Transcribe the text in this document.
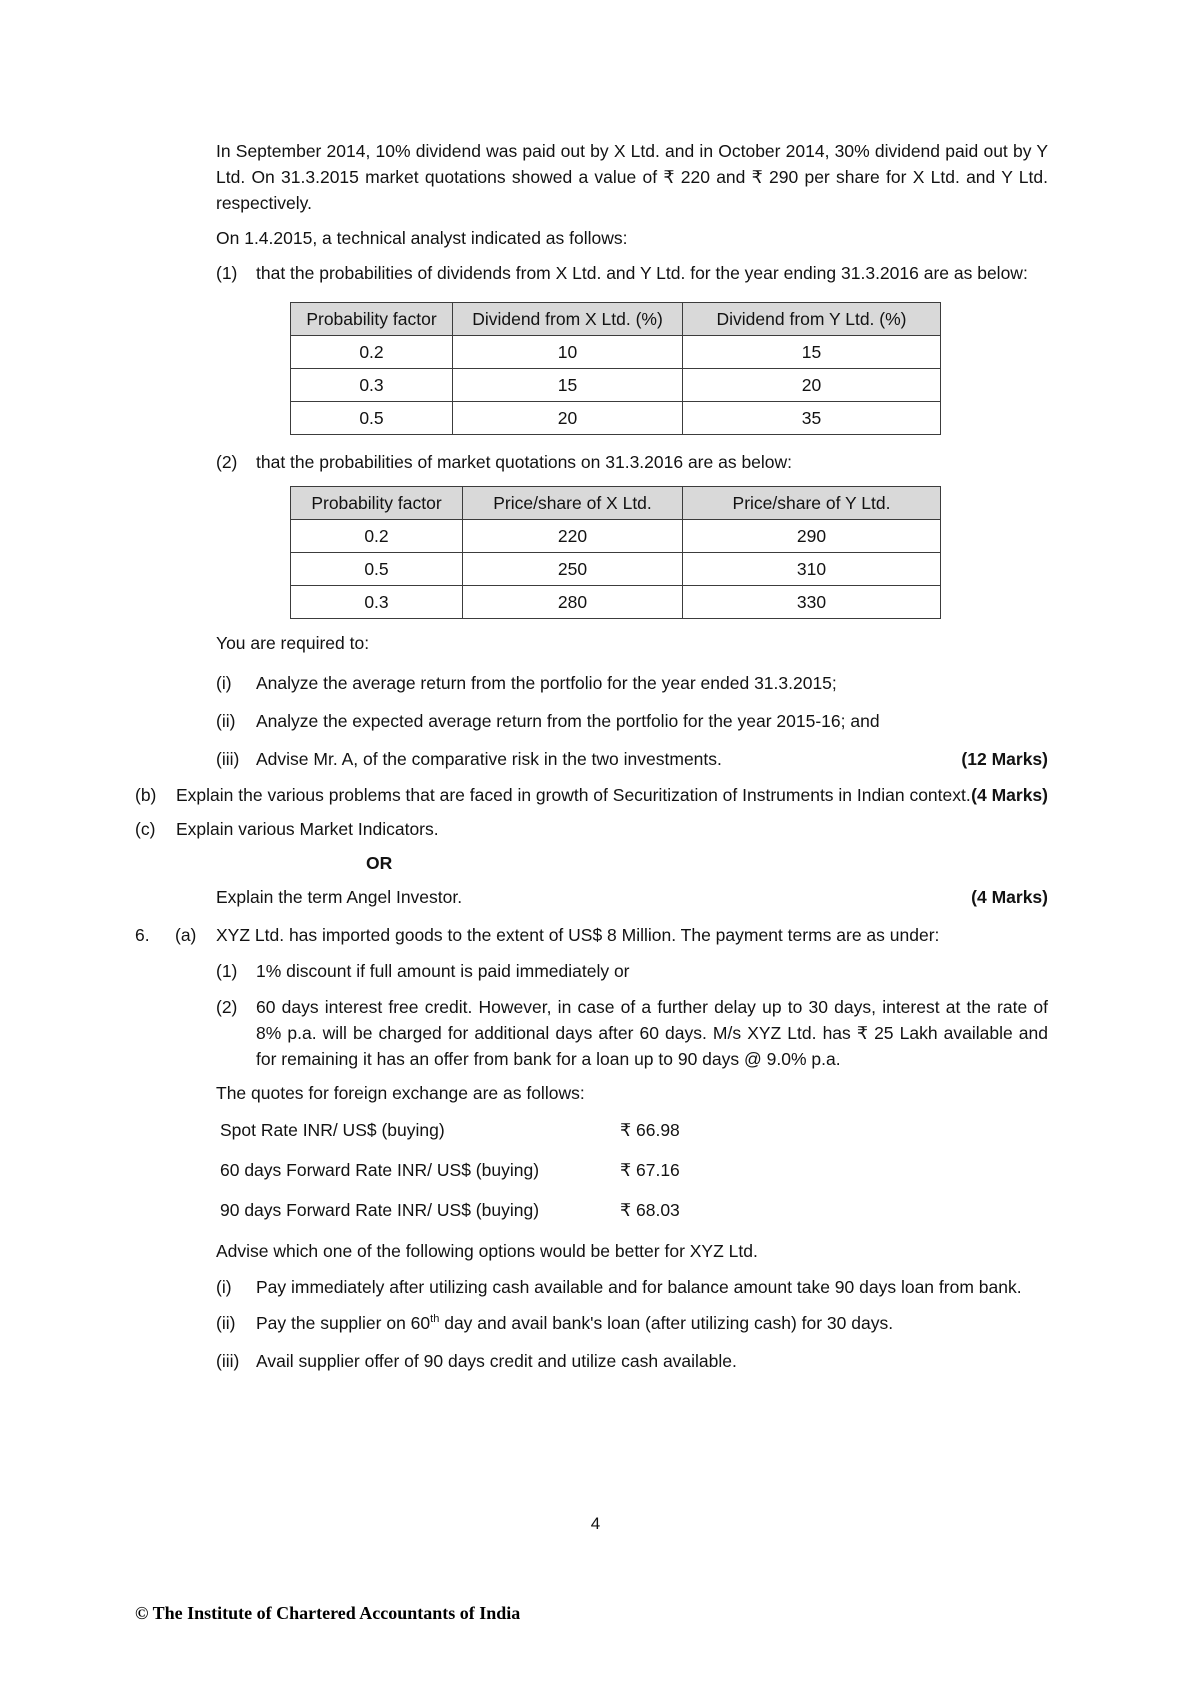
In September 2014, 10% dividend was paid out by X Ltd. and in October 2014, 30% dividend paid out by Y Ltd. On 31.3.2015 market quotations showed a value of ₹ 220 and ₹ 290 per share for X Ltd. and Y Ltd. respectively.

On 1.4.2015, a technical analyst indicated as follows:

(1)	that the probabilities of dividends from X Ltd. and Y Ltd. for the year ending 31.3.2016 are as below:
Probability factor	Dividend from X Ltd. (%)	Dividend from Y Ltd. (%)
0.2	10	15
0.3	15	20
0.5	20	35
(2)	that the probabilities of market quotations on 31.3.2016 are as below:
Probability factor	Price/share of X Ltd.	Price/share of Y Ltd.
0.2	220	290
0.5	250	310
0.3	280	330

You are required to:

(i)	Analyze the average return from the portfolio for the year ended 31.3.2015;
(ii)	Analyze the expected average return from the portfolio for the year 2015-16; and
(iii)	(12 Marks)
Advise Mr. A, of the comparative risk in the two investments.
(b)	(4 Marks)
Explain the various problems that are faced in growth of Securitization of Instruments in Indian context.
(c)	Explain various Market Indicators.

OR

(4 Marks)
Explain the term Angel Investor.
6.	(a)	XYZ Ltd. has imported goods to the extent of US$ 8 Million. The payment terms are as under:
(1)	1% discount if full amount is paid immediately or
(2)	60 days interest free credit. However, in case of a further delay up to 30 days, interest at the rate of 8% p.a. will be charged for additional days after 60 days. M/s XYZ Ltd. has ₹ 25 Lakh available and for remaining it has an offer from bank for a loan up to 90 days @ 9.0% p.a.

The quotes for foreign exchange are as follows:

Spot Rate INR/ US$ (buying)	₹ 66.98
60 days Forward Rate INR/ US$ (buying)	₹ 67.16
90 days Forward Rate INR/ US$ (buying)	₹ 68.03

Advise which one of the following options would be better for XYZ Ltd.

(i)	Pay immediately after utilizing cash available and for balance amount take 90 days loan from bank.
(ii)	Pay the supplier on 60th day and avail bank's loan (after utilizing cash) for 30 days.
(iii) Avail supplier offer of 90 days credit and utilize cash available.
4
© The Institute of Chartered Accountants of India
